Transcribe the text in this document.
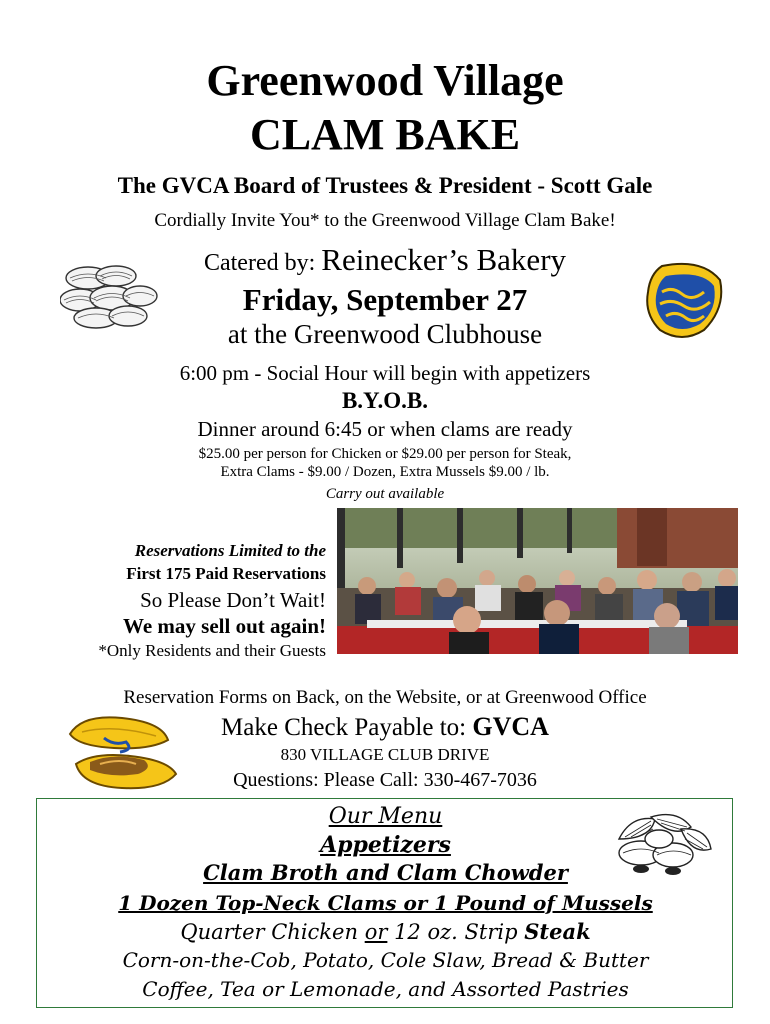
Greenwood Village
CLAM BAKE
The GVCA Board of Trustees & President - Scott Gale
Cordially Invite You* to the Greenwood Village Clam Bake!
Catered by: Reinecker’s Bakery
Friday, September 27
at the Greenwood Clubhouse
6:00 pm - Social Hour will begin with appetizers
B.Y.O.B.
Dinner around 6:45 or when clams are ready
$25.00 per person for Chicken or $29.00 per person for Steak,
Extra Clams - $9.00 / Dozen, Extra Mussels $9.00 / lb.
Carry out available
Reservations Limited to the
First 175 Paid Reservations
So Please Don’t Wait!
We may sell out again!
*Only Residents and their Guests
Reservation Forms on Back, on the Website, or at Greenwood Office
Make Check Payable to: GVCA
830 VILLAGE CLUB DRIVE
Questions: Please Call: 330-467-7036
Our Menu
Appetizers
Clam Broth and Clam Chowder
1 Dozen Top-Neck Clams or 1 Pound of Mussels
Quarter Chicken or 12 oz. Strip Steak
Corn-on-the-Cob, Potato, Cole Slaw, Bread & Butter
Coffee, Tea or Lemonade, and Assorted Pastries
